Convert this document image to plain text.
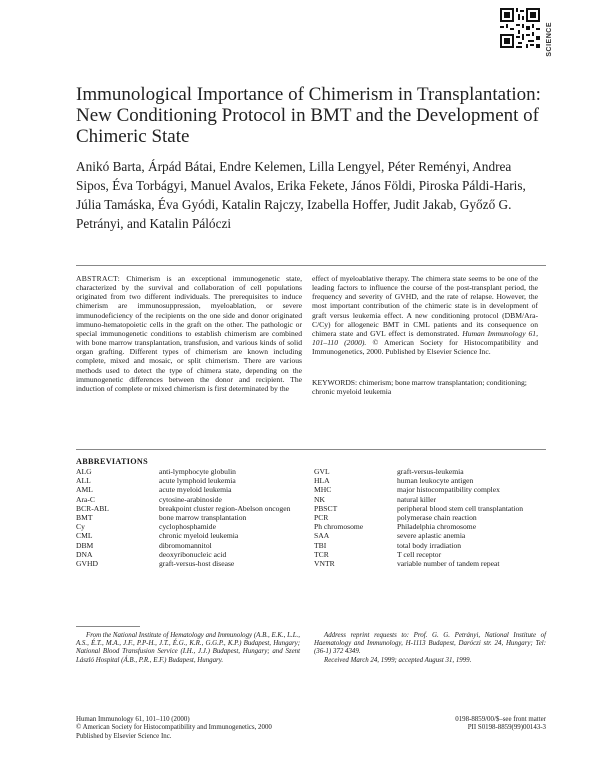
SCIENCE
Immunological Importance of Chimerism in Transplantation: New Conditioning Protocol in BMT and the Development of Chimeric State

Anikó Barta, Árpád Bátai, Endre Kelemen, Lilla Lengyel, Péter Reményi, Andrea Sipos, Éva Torbágyi, Manuel Avalos, Erika Fekete, János Földi, Piroska Páldi-Haris, Júlia Tamáska, Éva Gyódi, Katalin Rajczy, Izabella Hoffer, Judit Jakab, Győző G. Petrányi, and Katalin Pálóczi

ABSTRACT: Chimerism is an exceptional immunogenetic state, characterized by the survival and collaboration of cell populations originated from two different individuals. The prerequisites to induce chimerism are immunosuppression, myeloablation, or severe immunodeficiency of the recipients on the one side and donor originated immuno-hematopoietic cells in the graft on the other. The pathologic or special immunogenetic conditions to establish chimerism are combined with bone marrow transplantation, transfusion, and various kinds of solid organ grafting. Different types of chimerism are known including complete, mixed and mosaic, or split chimerism. There are various methods used to detect the type of chimera state, depending on the immunogenetic differences between the donor and recipient. The induction of complete or mixed chimerism is first determinated by the

effect of myeloablative therapy. The chimera state seems to be one of the leading factors to influence the course of the post-transplant period, the frequency and severity of GVHD, and the rate of relapse. However, the most important contribution of the chimeric state is in development of graft versus leukemia effect. A new conditioning protocol (DBM/Ara-C/Cy) for allogeneic BMT in CML patients and its consequence on chimera state and GVL effect is demonstrated. Human Immunology 61, 101–110 (2000). © American Society for Histocompatibility and Immunogenetics, 2000. Published by Elsevier Science Inc.

KEYWORDS: chimerism; bone marrow transplantation; conditioning; chronic myeloid leukemia

ABBREVIATIONS

ALG	anti-lymphocyte globulin
ALL	acute lymphoid leukemia
AML	acute myeloid leukemia
Ara-C	cytosine-arabinoside
BCR-ABL	breakpoint cluster region-Abelson oncogen
BMT	bone marrow transplantation
Cy	cyclophosphamide
CML	chronic myeloid leukemia
DBM	dibromomannitol
DNA	deoxyribonucleic acid
GVHD	graft-versus-host disease
GVL	graft-versus-leukemia
HLA	human leukocyte antigen
MHC	major histocompatibility complex
NK	natural killer
PBSCT	peripheral blood stem cell transplantation
PCR	polymerase chain reaction
Ph chromosome	Philadelphia chromosome
SAA	severe aplastic anemia
TBI	total body irradiation
TCR	T cell receptor
VNTR	variable number of tandem repeat

From the National Institute of Hematology and Immunology (A.B., E.K., L.L., A.S., É.T., M.A., J.F., P.P-H., J.T., É.G., K.R., G.G.P., K.P.) Budapest, Hungary; National Blood Transfusion Service (I.H., J.J.) Budapest, Hungary; and Szent László Hospital (Á.B., P.R., E.F.) Budapest, Hungary.

Address reprint requests to: Prof. G. G. Petrányi, National Institute of Haematology and Immunology, H-1113 Budapest, Daróczi str. 24, Hungary; Tel: (36-1) 372 4349.
Received March 24, 1999; accepted August 31, 1999.
Human Immunology 61, 101–110 (2000)
© American Society for Histocompatibility and Immunogenetics, 2000
Published by Elsevier Science Inc.
0198-8859/00/$–see front matter
PII S0198-8859(99)00143-3
